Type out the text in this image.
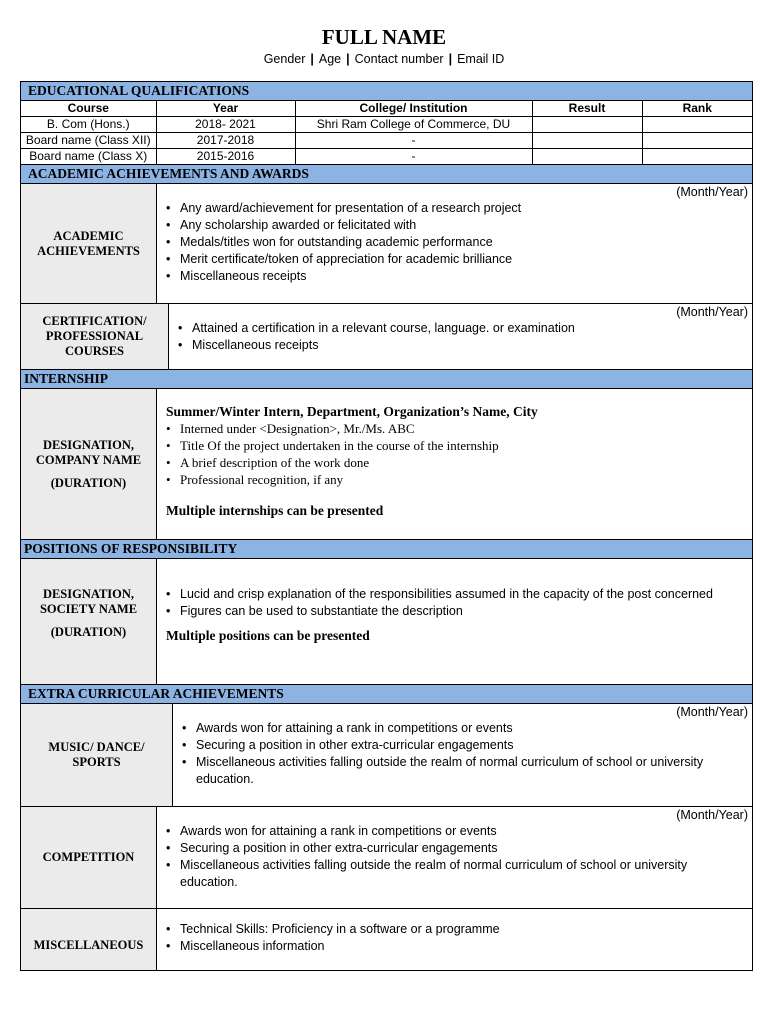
FULL NAME
Gender | Age | Contact number | Email ID
EDUCATIONAL QUALIFICATIONS
Course	Year	College/ Institution	Result	Rank
B. Com (Hons.)	2018- 2021	Shri Ram College of Commerce, DU		
Board name (Class XII)	2017-2018	-		
Board name (Class X)	2015-2016	-		
ACADEMIC ACHIEVEMENTS AND AWARDS
ACADEMIC ACHIEVEMENTS
(Month/Year)
• Any award/achievement for presentation of a research project
• Any scholarship awarded or felicitated with
• Medals/titles won for outstanding academic performance
• Merit certificate/token of appreciation for academic brilliance
• Miscellaneous receipts
CERTIFICATION/ PROFESSIONAL COURSES
(Month/Year)
• Attained a certification in a relevant course, language. or examination
• Miscellaneous receipts
INTERNSHIP
DESIGNATION, COMPANY NAME
(DURATION)
Summer/Winter Intern, Department, Organization’s Name, City
• Interned under <Designation>, Mr./Ms. ABC
• Title Of the project undertaken in the course of the internship
• A brief description of the work done
• Professional recognition, if any
Multiple internships can be presented
POSITIONS OF RESPONSIBILITY
DESIGNATION, SOCIETY NAME
(DURATION)
• Lucid and crisp explanation of the responsibilities assumed in the capacity of the post concerned
• Figures can be used to substantiate the description
Multiple positions can be presented
EXTRA CURRICULAR ACHIEVEMENTS
MUSIC/ DANCE/ SPORTS
(Month/Year)
• Awards won for attaining a rank in competitions or events
• Securing a position in other extra-curricular engagements
• Miscellaneous activities falling outside the realm of normal curriculum of school or university education.
COMPETITION
(Month/Year)
• Awards won for attaining a rank in competitions or events
• Securing a position in other extra-curricular engagements
• Miscellaneous activities falling outside the realm of normal curriculum of school or university education.
MISCELLANEOUS
• Technical Skills: Proficiency in a software or a programme
• Miscellaneous information
